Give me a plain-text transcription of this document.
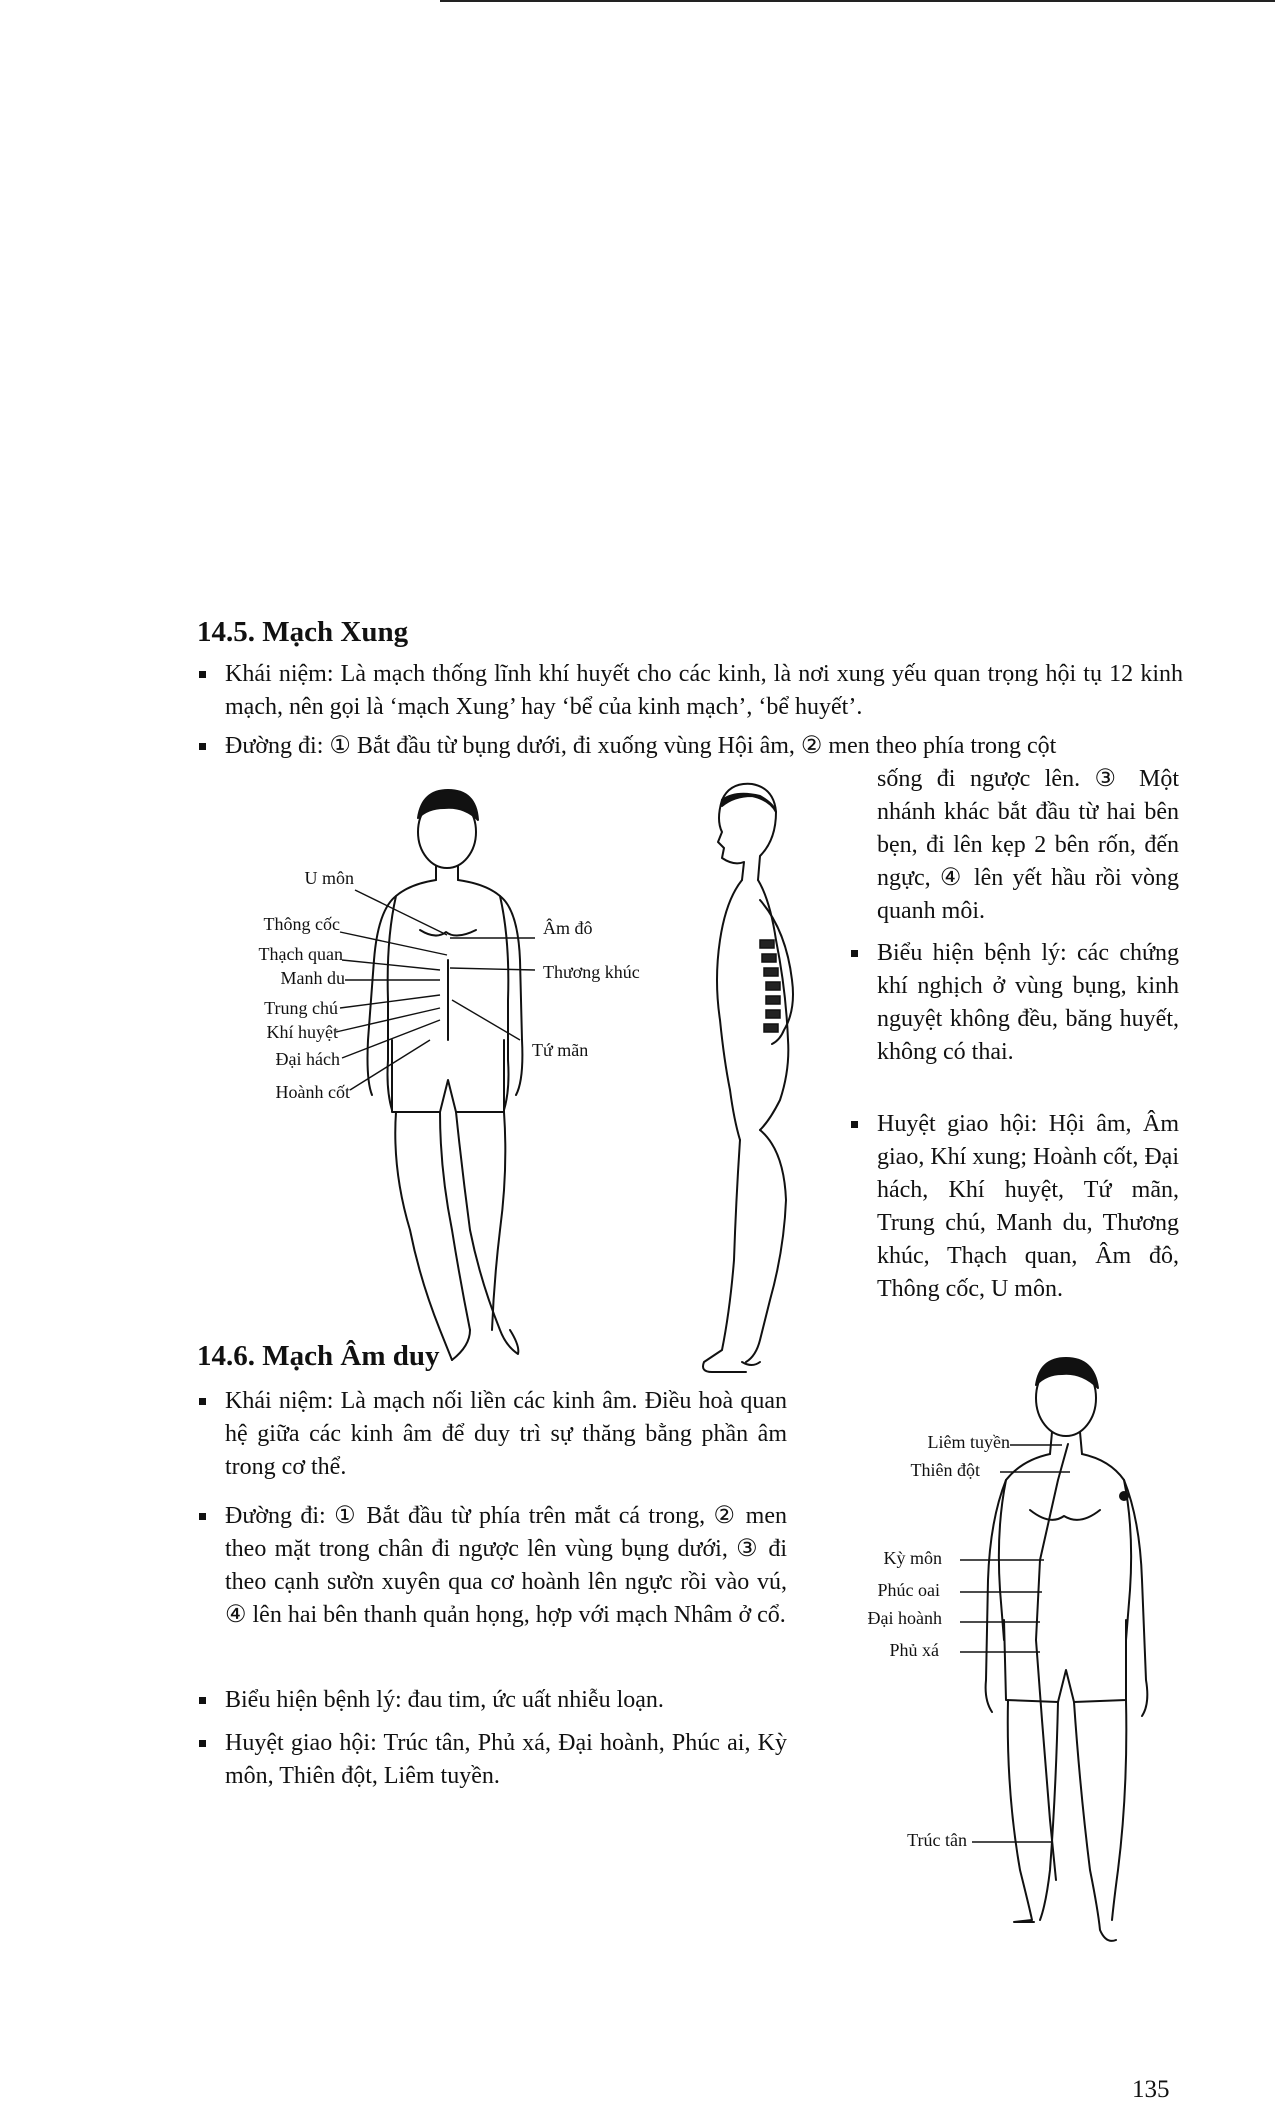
14.5. Mạch Xung

Khái niệm: Là mạch thống lĩnh khí huyết cho các kinh, là nơi xung yếu quan trọng hội tụ 12 kinh mạch, nên gọi là ‘mạch Xung’ hay ‘bể của kinh mạch’, ‘bể huyết’.

Đường đi: ① Bắt đầu từ bụng dưới, đi xuống vùng Hội âm, ② men theo phía trong cột

sống đi ngược lên. ③ Một nhánh khác bắt đầu từ hai bên bẹn, đi lên kẹp 2 bên rốn, đến ngực, ④ lên yết hầu rồi vòng quanh môi.

Biểu hiện bệnh lý: các chứng khí nghịch ở vùng bụng, kinh nguyệt không đều, băng huyết, không có thai.

Huyệt giao hội: Hội âm, Âm giao, Khí xung; Hoành cốt, Đại hách, Khí huyệt, Tứ mãn, Trung chú, Manh du, Thương khúc, Thạch quan, Âm đô, Thông cốc, U môn.

U môn
Thông cốc
Thạch quan
Manh du
Trung chú
Khí huyệt
Đại hách
Hoành cốt
Âm đô
Thương khúc
Tứ mãn
14.6. Mạch Âm duy

Khái niệm: Là mạch nối liền các kinh âm. Điều hoà quan hệ giữa các kinh âm để duy trì sự thăng bằng phần âm trong cơ thể.

Đường đi: ① Bắt đầu từ phía trên mắt cá trong, ② men theo mặt trong chân đi ngược lên vùng bụng dưới, ③ đi theo cạnh sườn xuyên qua cơ hoành lên ngực rồi vào vú, ④ lên hai bên thanh quản họng, hợp với mạch Nhâm ở cổ.

Biểu hiện bệnh lý: đau tim, ức uất nhiễu loạn.

Huyệt giao hội: Trúc tân, Phủ xá, Đại hoành, Phúc ai, Kỳ môn, Thiên đột, Liêm tuyền.

Liêm tuyền
Thiên đột
Kỳ môn
Phúc oai
Đại hoành
Phủ xá
Trúc tân
135
